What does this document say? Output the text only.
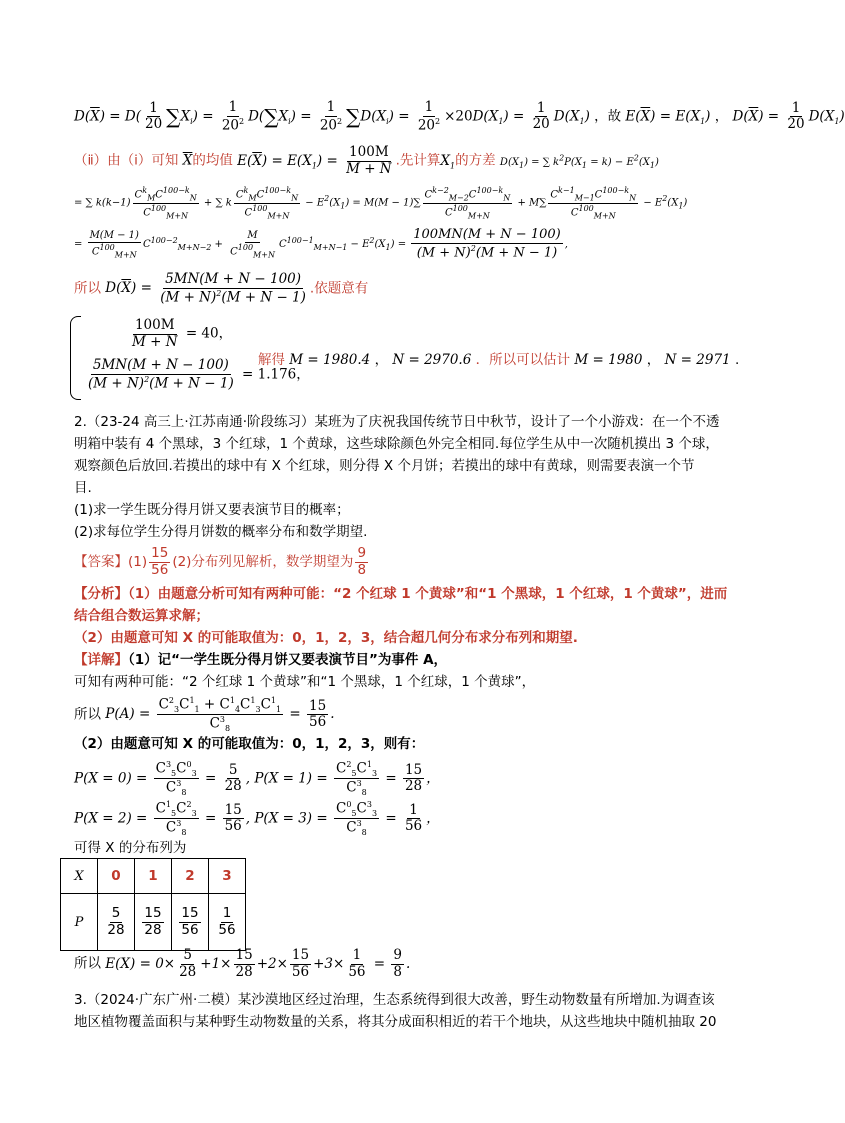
$D(\overline{X}) = D( \frac{1}{20} \sum X_i) = \frac{1}{20^2} D(\sum X_i) = \frac{1}{20^2} \sum D(X_i) = \frac{1}{20^2} \times 20D(X_1) = \frac{1}{20} D(X_1)$ ，故 $E(\overline{X}) = E(X_1)$ ， $D(\overline{X}) = \frac{1}{20} D(X_1)$
（ⅱ）由（ⅰ）可知 $\overline{X}$的均值 $E(\overline{X}) = E(X_1) = \frac{100M}{M + N}$ .先计算$X_1$的方差 $D(X_1)$ = ∑ $k^2P(X_1 = k) - E^2(X_1)$
= ∑ $k(k-1) \frac{C^k_MC^{100-k}_N}{C^{100}_{M+N}}$ + ∑ k $\frac{C^k_MC^{100-k}_N}{C^{100}_{M+N}} - E^2(X_1) = M(M - 1)\sum \frac{C^{k-2}_{M-2}C^{100-k}_N}{C^{100}_{M+N}} + M\sum \frac{C^{k-1}_{M-1}C^{100-k}_N}{C^{100}_{M+N}} - E^2(X_1)$
= $\frac{M(M - 1)}{C^{100}_{M+N}} C^{100-2}_{M+N-2} + \frac{M}{C^{100}_{M+N}} C^{100-1}_{M+N-1} - E^2(X_1) = \frac{100MN(M + N - 100)}{(M + N)^2(M + N - 1)}$ ,
所以 $D(\overline{X}) = \frac{5MN(M + N - 100)}{(M + N)^2(M + N - 1)}$ .依题意有
$\frac{100M}{M + N} = 40$，
$\frac{5MN(M + N - 100)}{(M + N)^2(M + N - 1)} = 1.176$，
解得 M = 1980.4 ， N = 2970.6 ．所以可以估计 M = 1980 ， N = 2971 .
2.（23-24 高三上·江苏南通·阶段练习）某班为了庆祝我国传统节日中秋节，设计了一个小游戏：在一个不透
明箱中装有 4 个黑球，3 个红球，1 个黄球，这些球除颜色外完全相同.每位学生从中一次随机摸出 3 个球，
观察颜色后放回.若摸出的球中有 X 个红球，则分得 X 个月饼；若摸出的球中有黄球，则需要表演一个节
目.
(1)求一学生既分得月饼又要表演节目的概率；
(2)求每位学生分得月饼数的概率分布和数学期望.
【答案】$(1) \frac{15}{56} (2)$分布列见解析，数学期望为 $\frac{9}{8}$
【分析】（1）由题意分析可知有两种可能：“2 个红球 1 个黄球”和“1 个黑球，1 个红球，1 个黄球”，进而
结合组合数运算求解；
（2）由题意可知 X 的可能取值为：0，1，2，3，结合超几何分布求分布列和期望.
【详解】（1）记“一学生既分得月饼又要表演节目”为事件 A，
可知有两种可能：“2 个红球 1 个黄球”和“1 个黑球，1 个红球，1 个黄球”，
所以 $P(A) = \frac{C^2_3C^1_1 + C^1_4C^1_3C^1_1}{C^3_8} = \frac{15}{56}$ .
（2）由题意可知 X 的可能取值为：0，1，2，3，则有：
$P(X = 0) = \frac{C^3_5C^0_3}{C^3_8} = \frac{5}{28}$ , $P(X = 1) = \frac{C^2_5C^1_3}{C^3_8} = \frac{15}{28}$ ，
$P(X = 2) = \frac{C^1_5C^2_3}{C^3_8} = \frac{15}{56}$ , $P(X = 3) = \frac{C^0_5C^3_3}{C^3_8} = \frac{1}{56}$ ，
可得 X 的分布列为
X	0	1	2	3
P	$\frac{5}{28}$	$\frac{15}{28}$	$\frac{15}{56}$	$\frac{1}{56}$
所以 $E(X) = 0\times \frac{5}{28} +1\times \frac{15}{28} +2\times \frac{15}{56} +3\times \frac{1}{56} = \frac{9}{8}$ .
3.（2024·广东广州·二模）某沙漠地区经过治理，生态系统得到很大改善，野生动物数量有所增加.为调查该
地区植物覆盖面积与某种野生动物数量的关系，将其分成面积相近的若干个地块，从这些地块中随机抽取 20
